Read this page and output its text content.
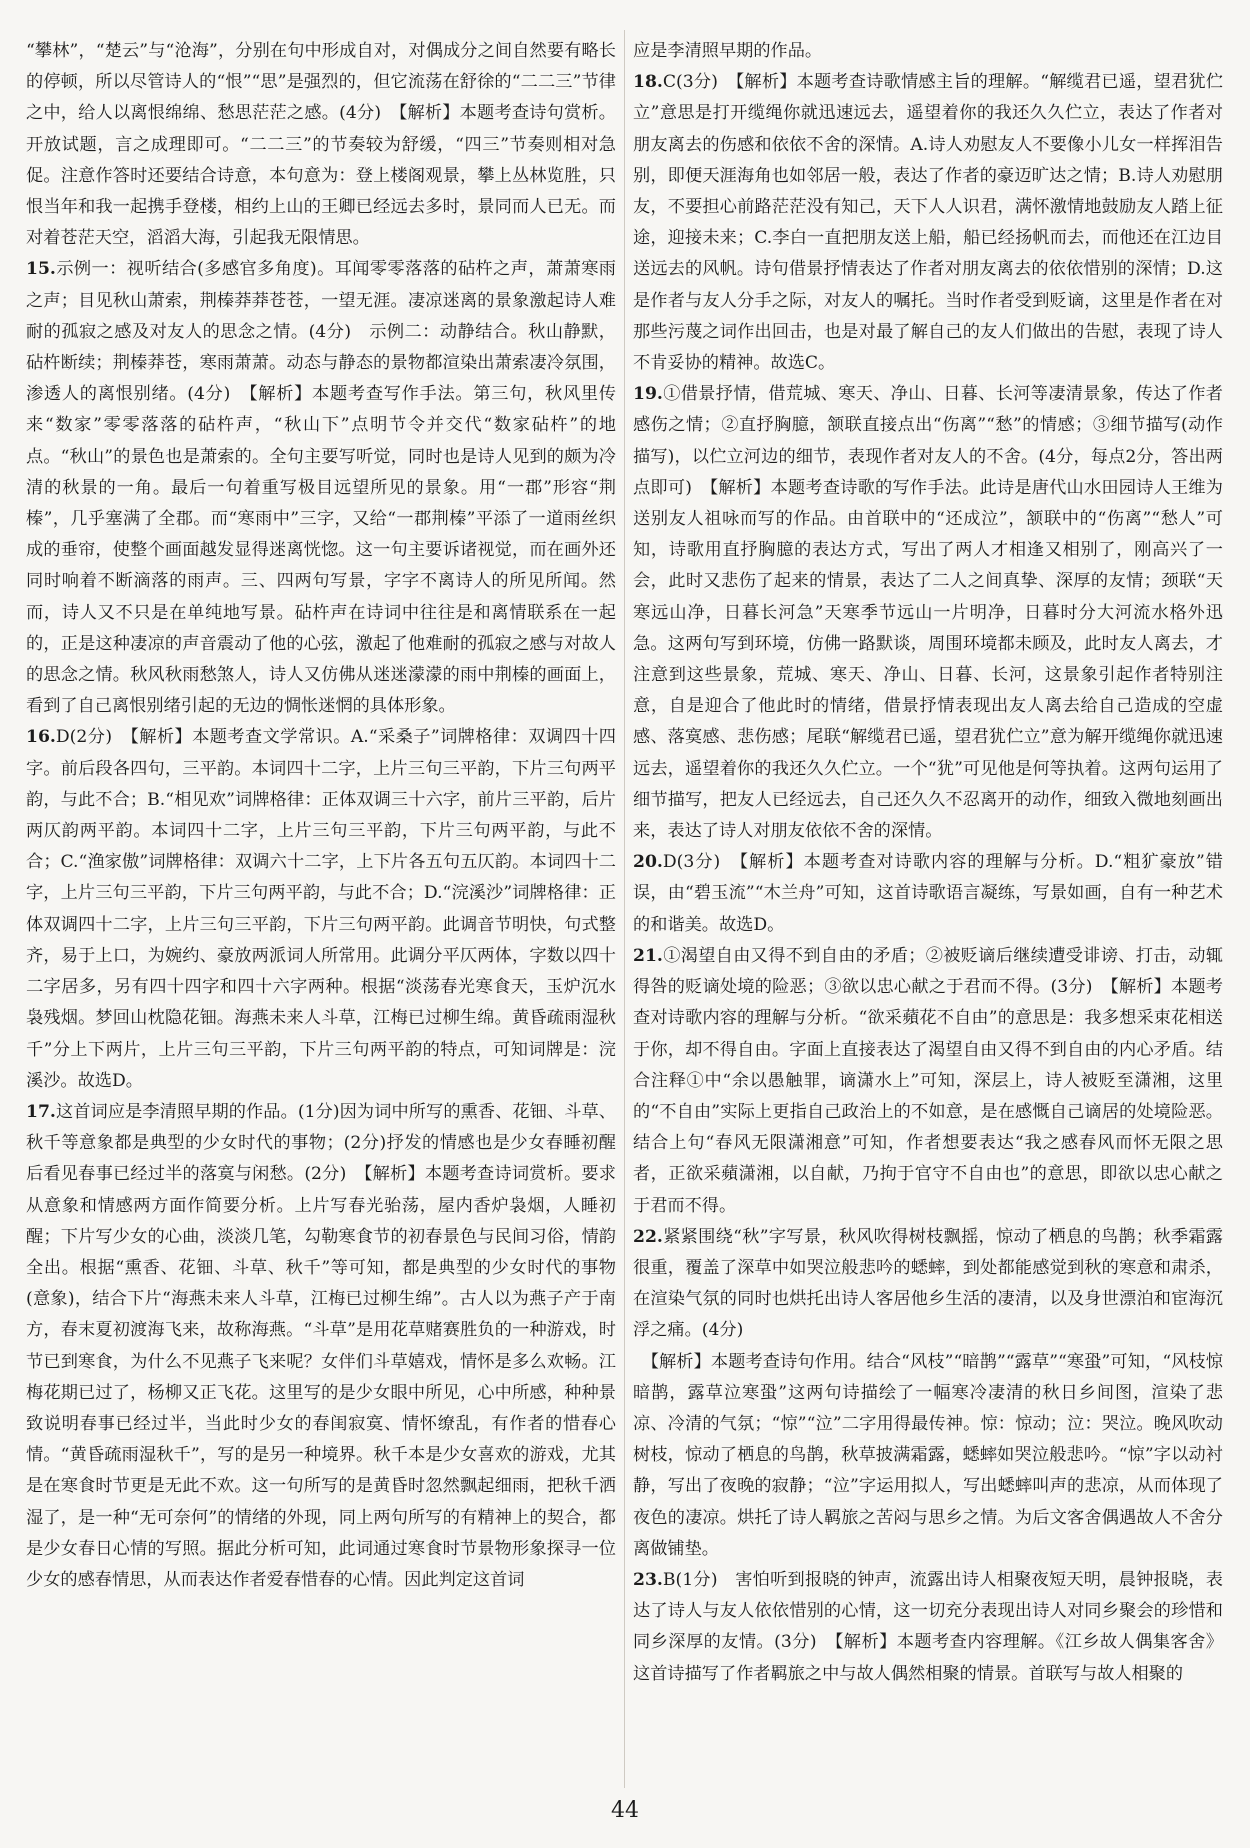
“攀林”，“楚云”与“沧海”，分别在句中形成自对，对偶成分之间自然要有略长的停顿，所以尽管诗人的“恨”“思”是强烈的，但它流荡在舒徐的“二二三”节律之中，给人以离恨绵绵、愁思茫茫之感。(4分)　【解析】本题考查诗句赏析。开放试题，言之成理即可。“二二三”的节奏较为舒缓，“四三”节奏则相对急促。注意作答时还要结合诗意，本句意为：登上楼阁观景，攀上丛林览胜，只恨当年和我一起携手登楼，相约上山的王卿已经远去多时，景同而人已无。而对着苍茫天空，滔滔大海，引起我无限情思。

15.示例一：视听结合(多感官多角度)。耳闻零零落落的砧杵之声，萧萧寒雨之声；目见秋山萧索，荆榛莽莽苍苍，一望无涯。凄凉迷离的景象激起诗人难耐的孤寂之感及对友人的思念之情。(4分)　示例二：动静结合。秋山静默，砧杵断续；荆榛莽苍，寒雨萧萧。动态与静态的景物都渲染出萧索凄冷氛围，渗透人的离恨别绪。(4分)　【解析】本题考查写作手法。第三句，秋风里传来“数家”零零落落的砧杵声，“秋山下”点明节令并交代“数家砧杵”的地点。“秋山”的景色也是萧索的。全句主要写听觉，同时也是诗人见到的颇为冷清的秋景的一角。最后一句着重写极目远望所见的景象。用“一郡”形容“荆榛”，几乎塞满了全郡。而“寒雨中”三字，又给“一郡荆榛”平添了一道雨丝织成的垂帘，使整个画面越发显得迷离恍惚。这一句主要诉诸视觉，而在画外还同时响着不断滴落的雨声。三、四两句写景，字字不离诗人的所见所闻。然而，诗人又不只是在单纯地写景。砧杵声在诗词中往往是和离情联系在一起的，正是这种凄凉的声音震动了他的心弦，激起了他难耐的孤寂之感与对故人的思念之情。秋风秋雨愁煞人，诗人又仿佛从迷迷濛濛的雨中荆榛的画面上，看到了自己离恨别绪引起的无边的惆怅迷惘的具体形象。

16.D(2分)　【解析】本题考查文学常识。A.“采桑子”词牌格律：双调四十四字。前后段各四句，三平韵。本词四十二字，上片三句三平韵，下片三句两平韵，与此不合；B.“相见欢”词牌格律：正体双调三十六字，前片三平韵，后片两仄韵两平韵。本词四十二字，上片三句三平韵，下片三句两平韵，与此不合；C.“渔家傲”词牌格律：双调六十二字，上下片各五句五仄韵。本词四十二字，上片三句三平韵，下片三句两平韵，与此不合；D.“浣溪沙”词牌格律：正体双调四十二字，上片三句三平韵，下片三句两平韵。此调音节明快，句式整齐，易于上口，为婉约、豪放两派词人所常用。此调分平仄两体，字数以四十二字居多，另有四十四字和四十六字两种。根据“淡荡春光寒食天，玉炉沉水袅残烟。梦回山枕隐花钿。海燕未来人斗草，江梅已过柳生绵。黄昏疏雨湿秋千”分上下两片，上片三句三平韵，下片三句两平韵的特点，可知词牌是：浣溪沙。故选D。

17.这首词应是李清照早期的作品。(1分)因为词中所写的熏香、花钿、斗草、秋千等意象都是典型的少女时代的事物；(2分)抒发的情感也是少女春睡初醒后看见春事已经过半的落寞与闲愁。(2分)　【解析】本题考查诗词赏析。要求从意象和情感两方面作简要分析。上片写春光骀荡，屋内香炉袅烟，人睡初醒；下片写少女的心曲，淡淡几笔，勾勒寒食节的初春景色与民间习俗，情韵全出。根据“熏香、花钿、斗草、秋千”等可知，都是典型的少女时代的事物(意象)，结合下片“海燕未来人斗草，江梅已过柳生绵”。古人以为燕子产于南方，春末夏初渡海飞来，故称海燕。“斗草”是用花草赌赛胜负的一种游戏，时节已到寒食，为什么不见燕子飞来呢？女伴们斗草嬉戏，情怀是多么欢畅。江梅花期已过了，杨柳又正飞花。这里写的是少女眼中所见，心中所感，种种景致说明春事已经过半，当此时少女的春闺寂寞、情怀缭乱，有作者的惜春心情。“黄昏疏雨湿秋千”，写的是另一种境界。秋千本是少女喜欢的游戏，尤其是在寒食时节更是无此不欢。这一句所写的是黄昏时忽然飘起细雨，把秋千洒湿了，是一种“无可奈何”的情绪的外现，同上两句所写的有精神上的契合，都是少女春日心情的写照。据此分析可知，此词通过寒食时节景物形象探寻一位少女的感春情思，从而表达作者爱春惜春的心情。因此判定这首词

应是李清照早期的作品。

18.C(3分)　【解析】本题考查诗歌情感主旨的理解。“解缆君已遥，望君犹伫立”意思是打开缆绳你就迅速远去，遥望着你的我还久久伫立，表达了作者对朋友离去的伤感和依依不舍的深情。A.诗人劝慰友人不要像小儿女一样挥泪告别，即便天涯海角也如邻居一般，表达了作者的豪迈旷达之情；B.诗人劝慰朋友，不要担心前路茫茫没有知己，天下人人识君，满怀激情地鼓励友人踏上征途，迎接未来；C.李白一直把朋友送上船，船已经扬帆而去，而他还在江边目送远去的风帆。诗句借景抒情表达了作者对朋友离去的依依惜别的深情；D.这是作者与友人分手之际，对友人的嘱托。当时作者受到贬谪，这里是作者在对那些污蔑之词作出回击，也是对最了解自己的友人们做出的告慰，表现了诗人不肯妥协的精神。故选C。

19.①借景抒情，借荒城、寒天、净山、日暮、长河等凄清景象，传达了作者感伤之情；②直抒胸臆，颔联直接点出“伤离”“愁”的情感；③细节描写(动作描写)，以伫立河边的细节，表现作者对友人的不舍。(4分，每点2分，答出两点即可)　【解析】本题考查诗歌的写作手法。此诗是唐代山水田园诗人王维为送别友人祖咏而写的作品。由首联中的“还成泣”，颔联中的“伤离”“愁人”可知，诗歌用直抒胸臆的表达方式，写出了两人才相逢又相别了，刚高兴了一会，此时又悲伤了起来的情景，表达了二人之间真挚、深厚的友情；颈联“天寒远山净，日暮长河急”天寒季节远山一片明净，日暮时分大河流水格外迅急。这两句写到环境，仿佛一路默谈，周围环境都未顾及，此时友人离去，才注意到这些景象，荒城、寒天、净山、日暮、长河，这景象引起作者特别注意，自是迎合了他此时的情绪，借景抒情表现出友人离去给自己造成的空虚感、落寞感、悲伤感；尾联“解缆君已遥，望君犹伫立”意为解开缆绳你就迅速远去，遥望着你的我还久久伫立。一个“犹”可见他是何等执着。这两句运用了细节描写，把友人已经远去，自己还久久不忍离开的动作，细致入微地刻画出来，表达了诗人对朋友依依不舍的深情。

20.D(3分)　【解析】本题考查对诗歌内容的理解与分析。D.“粗犷豪放”错误，由“碧玉流”“木兰舟”可知，这首诗歌语言凝练，写景如画，自有一种艺术的和谐美。故选D。

21.①渴望自由又得不到自由的矛盾；②被贬谪后继续遭受诽谤、打击，动辄得咎的贬谪处境的险恶；③欲以忠心献之于君而不得。(3分)　【解析】本题考查对诗歌内容的理解与分析。“欲采蘋花不自由”的意思是：我多想采束花相送于你，却不得自由。字面上直接表达了渴望自由又得不到自由的内心矛盾。结合注释①中“余以愚触罪，谪潇水上”可知，深层上，诗人被贬至潇湘，这里的“不自由”实际上更指自己政治上的不如意，是在感慨自己谪居的处境险恶。结合上句“春风无限潇湘意”可知，作者想要表达“我之感春风而怀无限之思者，正欲采蘋潇湘，以自献，乃拘于官守不自由也”的意思，即欲以忠心献之于君而不得。

22.紧紧围绕“秋”字写景，秋风吹得树枝飘摇，惊动了栖息的鸟鹊；秋季霜露很重，覆盖了深草中如哭泣般悲吟的蟋蟀，到处都能感觉到秋的寒意和肃杀，在渲染气氛的同时也烘托出诗人客居他乡生活的凄清，以及身世漂泊和宦海沉浮之痛。(4分)
　【解析】本题考查诗句作用。结合“风枝”“暗鹊”“露草”“寒蛩”可知，“风枝惊暗鹊，露草泣寒蛩”这两句诗描绘了一幅寒冷凄清的秋日乡间图，渲染了悲凉、冷清的气氛；“惊”“泣”二字用得最传神。惊：惊动；泣：哭泣。晚风吹动树枝，惊动了栖息的鸟鹊，秋草披满霜露，蟋蟀如哭泣般悲吟。“惊”字以动衬静，写出了夜晚的寂静；“泣”字运用拟人，写出蟋蟀叫声的悲凉，从而体现了夜色的凄凉。烘托了诗人羁旅之苦闷与思乡之情。为后文客舍偶遇故人不舍分离做铺垫。

23.B(1分)　害怕听到报晓的钟声，流露出诗人相聚夜短天明，晨钟报晓，表达了诗人与友人依依惜别的心情，这一切充分表现出诗人对同乡聚会的珍惜和同乡深厚的友情。(3分)　【解析】本题考查内容理解。《江乡故人偶集客舍》这首诗描写了作者羁旅之中与故人偶然相聚的情景。首联写与故人相聚的

44
